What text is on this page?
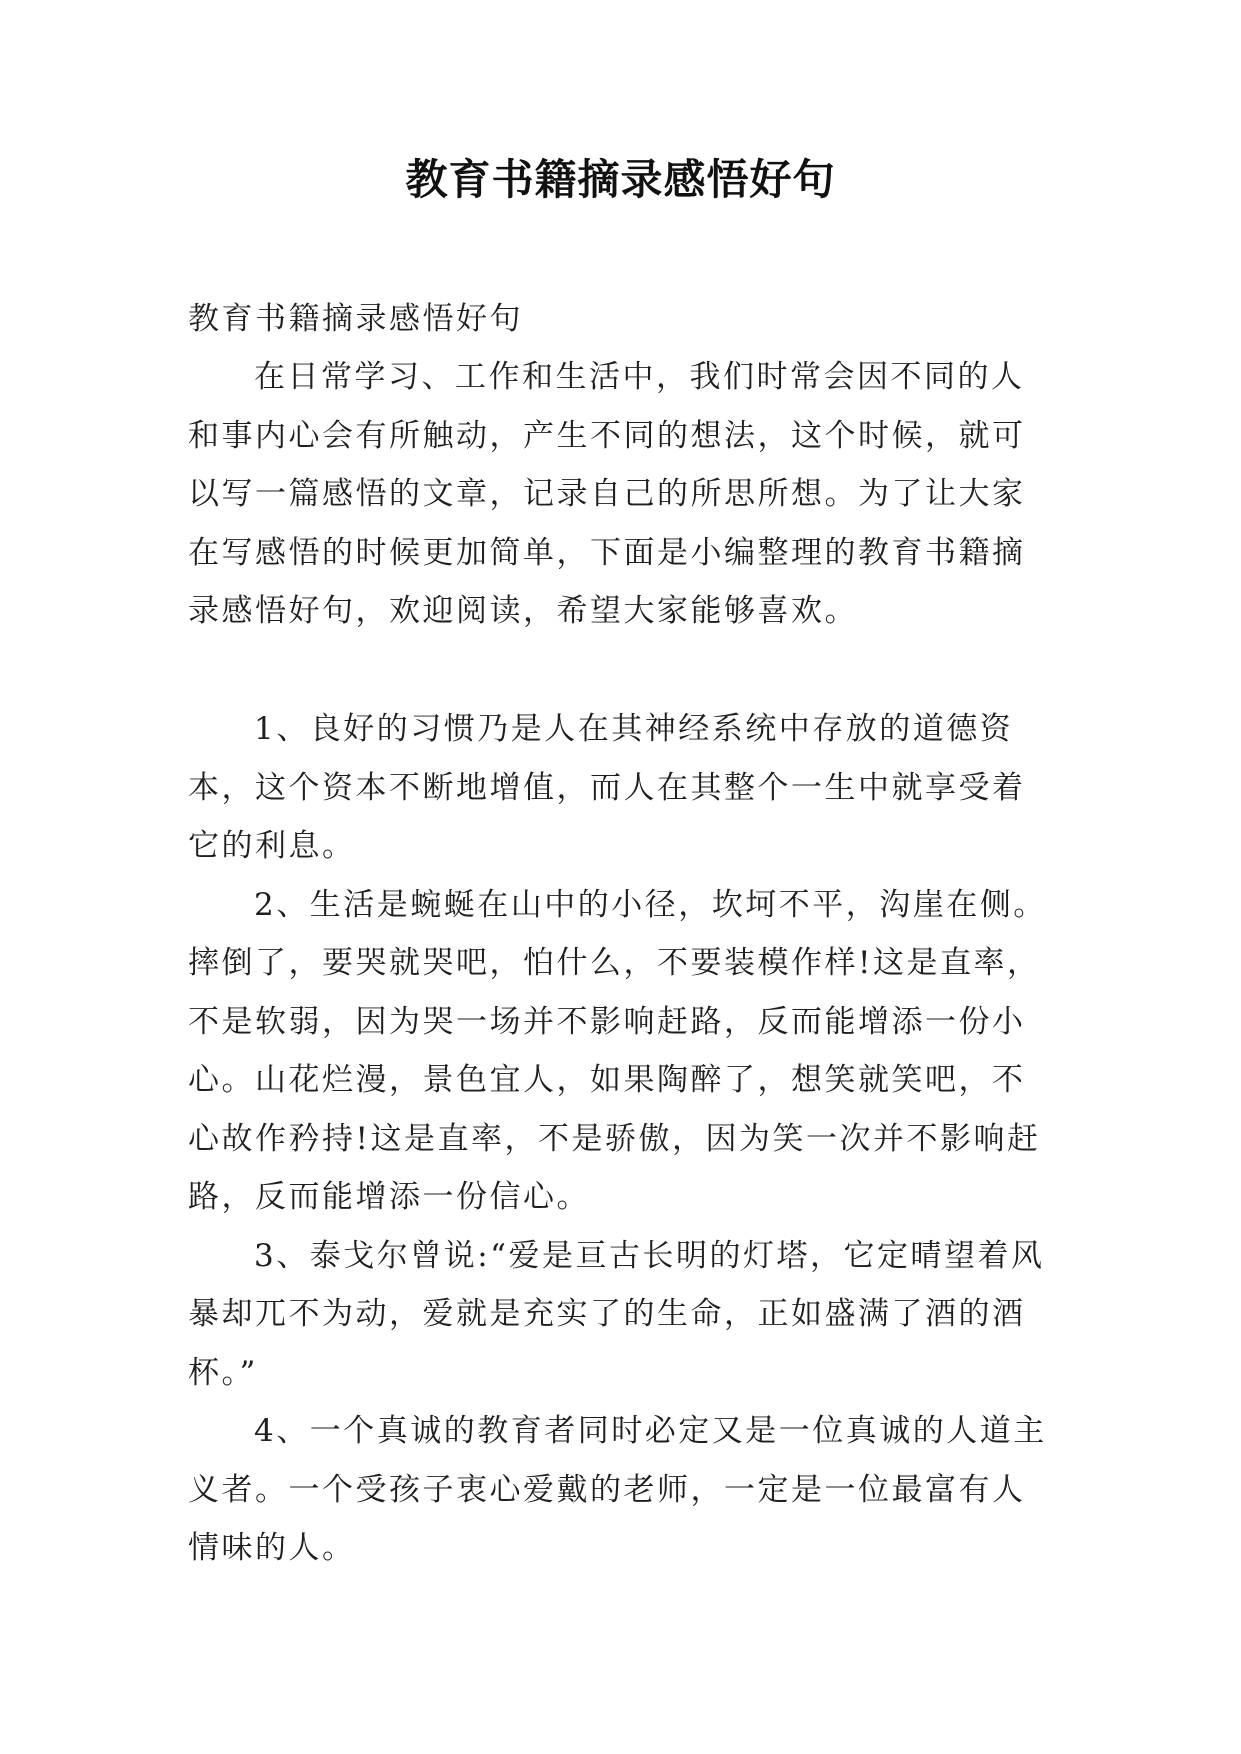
教育书籍摘录感悟好句

教育书籍摘录感悟好句

在日常学习、工作和生活中，我们时常会因不同的人和事内心会有所触动，产生不同的想法，这个时候，就可以写一篇感悟的文章，记录自己的所思所想。为了让大家在写感悟的时候更加简单，下面是小编整理的教育书籍摘录感悟好句，欢迎阅读，希望大家能够喜欢。

1、良好的习惯乃是人在其神经系统中存放的道德资本，这个资本不断地增值，而人在其整个一生中就享受着它的利息。

2、生活是蜿蜒在山中的小径，坎坷不平，沟崖在侧。摔倒了，要哭就哭吧，怕什么，不要装模作样!这是直率，不是软弱，因为哭一场并不影响赶路，反而能增添一份小心。山花烂漫，景色宜人，如果陶醉了，想笑就笑吧，不心故作矜持!这是直率，不是骄傲，因为笑一次并不影响赶路，反而能增添一份信心。

3、泰戈尔曾说:“爱是亘古长明的灯塔，它定晴望着风暴却兀不为动，爱就是充实了的生命，正如盛满了酒的酒杯。”

4、一个真诚的教育者同时必定又是一位真诚的人道主义者。一个受孩子衷心爱戴的老师，一定是一位最富有人情味的人。
